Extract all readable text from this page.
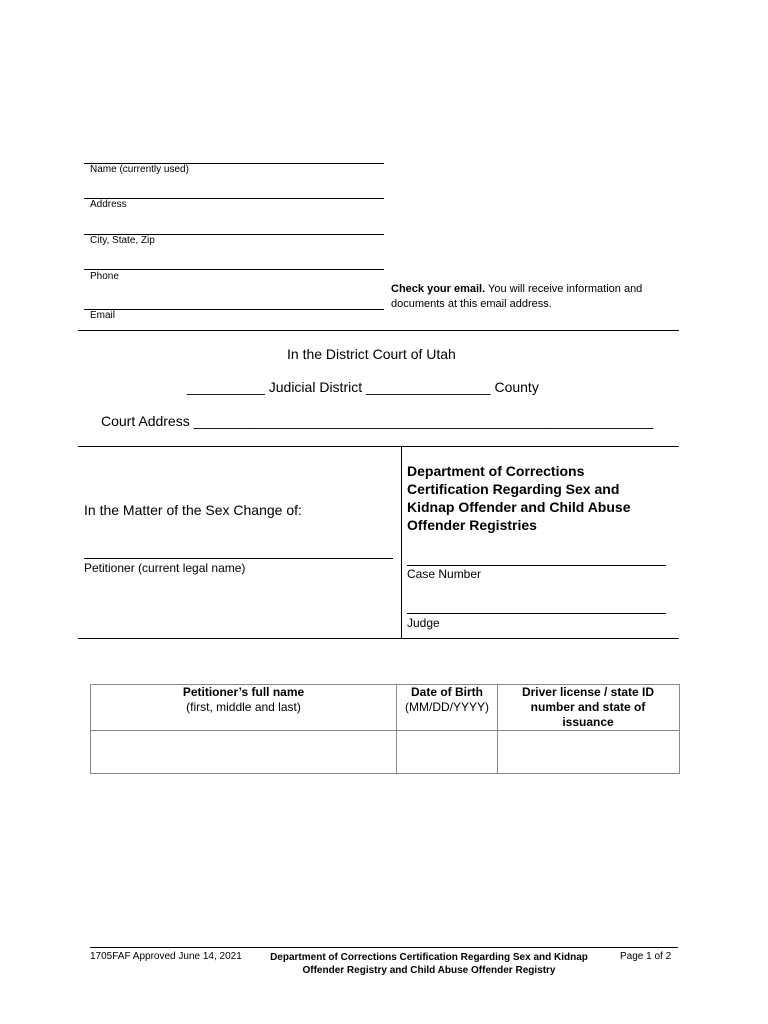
Name (currently used)
Address
City, State, Zip
Phone
Email
Check your email. You will receive information and
documents at this email address.
In the District Court of Utah
__________ Judicial District ________________ County
Court Address ___________________________________________________________
In the Matter of the Sex Change of:
Petitioner (current legal name)
Department of Corrections
Certification Regarding Sex and
Kidnap Offender and Child Abuse
Offender Registries
Case Number
Judge
Petitioner’s full name
(first, middle and last)
Date of Birth
(MM/DD/YYYY)
Driver license / state ID number and state of issuance
1705FAF Approved June 14, 2021	Department of Corrections Certification Regarding Sex and Kidnap
Offender Registry and Child Abuse Offender Registry
Page 1 of 2
